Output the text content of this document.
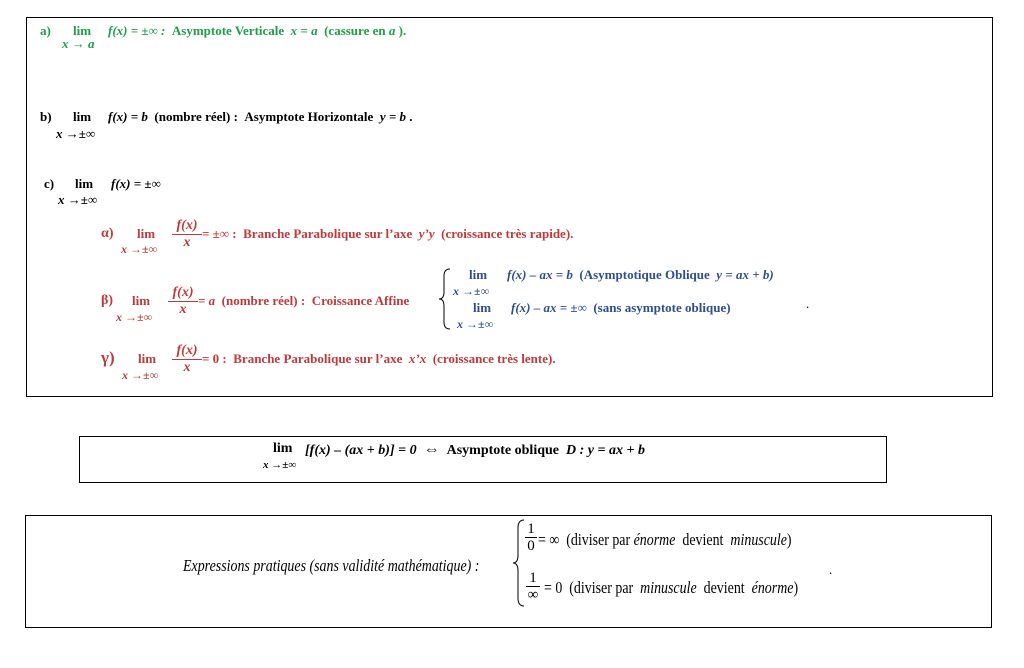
a) lim
x → a
f(x) = ±∞ : Asymptote Verticale x = a (cassure en a ).
b) lim
x →±∞
f(x) = b (nombre réel) : Asymptote Horizontale y = b .
c) lim
x →±∞
f(x) = ±∞
α) lim
x →±∞
f(x)
x
= ±∞ : Branche Parabolique sur l’axe y’y (croissance très rapide).
β) lim
x →±∞
f(x)
x
= a (nombre réel) : Croissance Affine
lim
x →±∞
f(x) – ax = b (Asymptotique Oblique y = ax + b)
lim
x →±∞
f(x) – ax = ±∞ (sans asymptote oblique)	.
γ) lim
x →±∞
f(x)
x
= 0 : Branche Parabolique sur l’axe x’x (croissance très lente).
lim
x →±∞
[f(x) – (ax + b)] = 0 ⇔ Asymptote oblique D : y = ax + b
Expressions pratiques (sans validité mathématique) :
1
0 = ∞ (diviser par énorme devient minuscule)
1
∞ = 0 (diviser par minuscule devient énorme)
.
